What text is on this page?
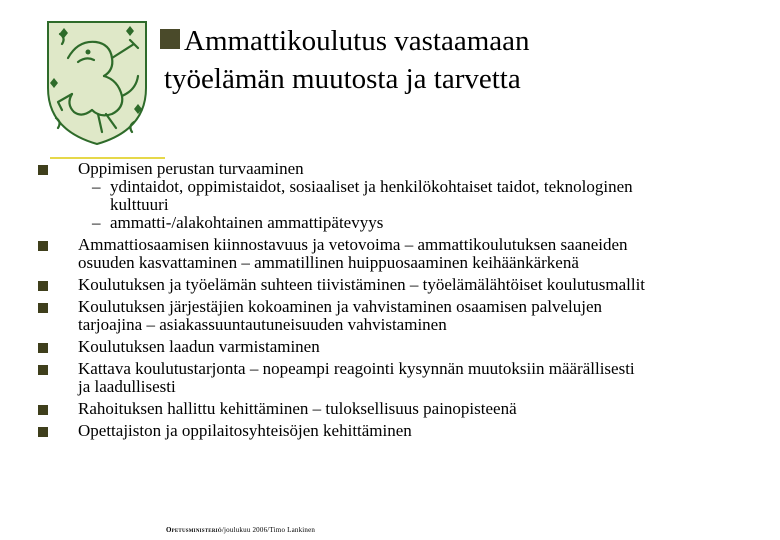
Ammattikoulutus vastaamaan
työelämän muutosta ja tarvetta
Oppimisen perustan turvaaminen
– ydintaidot, oppimistaidot, sosiaaliset ja henkilökohtaiset taidot, teknologinen
kulttuuri
– ammatti-/alakohtainen ammattipätevyys
Ammattiosaamisen kiinnostavuus ja vetovoima – ammattikoulutuksen saaneiden
osuuden kasvattaminen – ammatillinen huippuosaaminen keihäänkärkenä
Koulutuksen ja työelämän suhteen tiivistäminen – työelämälähtöiset koulutusmallit
Koulutuksen järjestäjien kokoaminen ja vahvistaminen osaamisen palvelujen
tarjoajina – asiakassuuntautuneisuuden vahvistaminen
Koulutuksen laadun varmistaminen
Kattava koulutustarjonta – nopeampi reagointi kysynnän muutoksiin määrällisesti
ja laadullisesti
Rahoituksen hallittu kehittäminen – tuloksellisuus painopisteenä
Opettajiston ja oppilaitosyhteisöjen kehittäminen
Opetusministeriö/joulukuu 2006/Timo Lankinen
